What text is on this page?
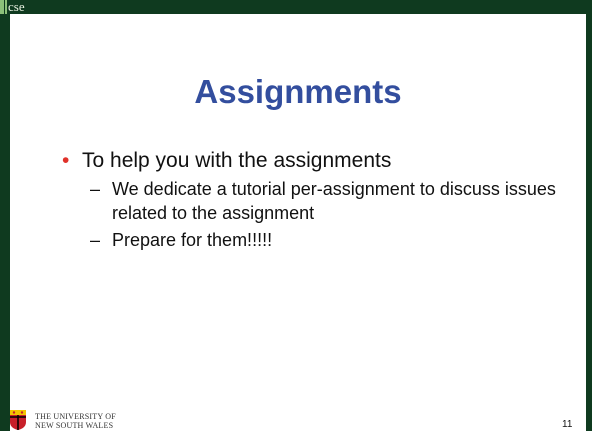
cse
Assignments
• To help you with the assignments
– We dedicate a tutorial per-assignment to discuss issues related to the assignment
– Prepare for them!!!!!
THE UNIVERSITY OF
NEW SOUTH WALES	11
